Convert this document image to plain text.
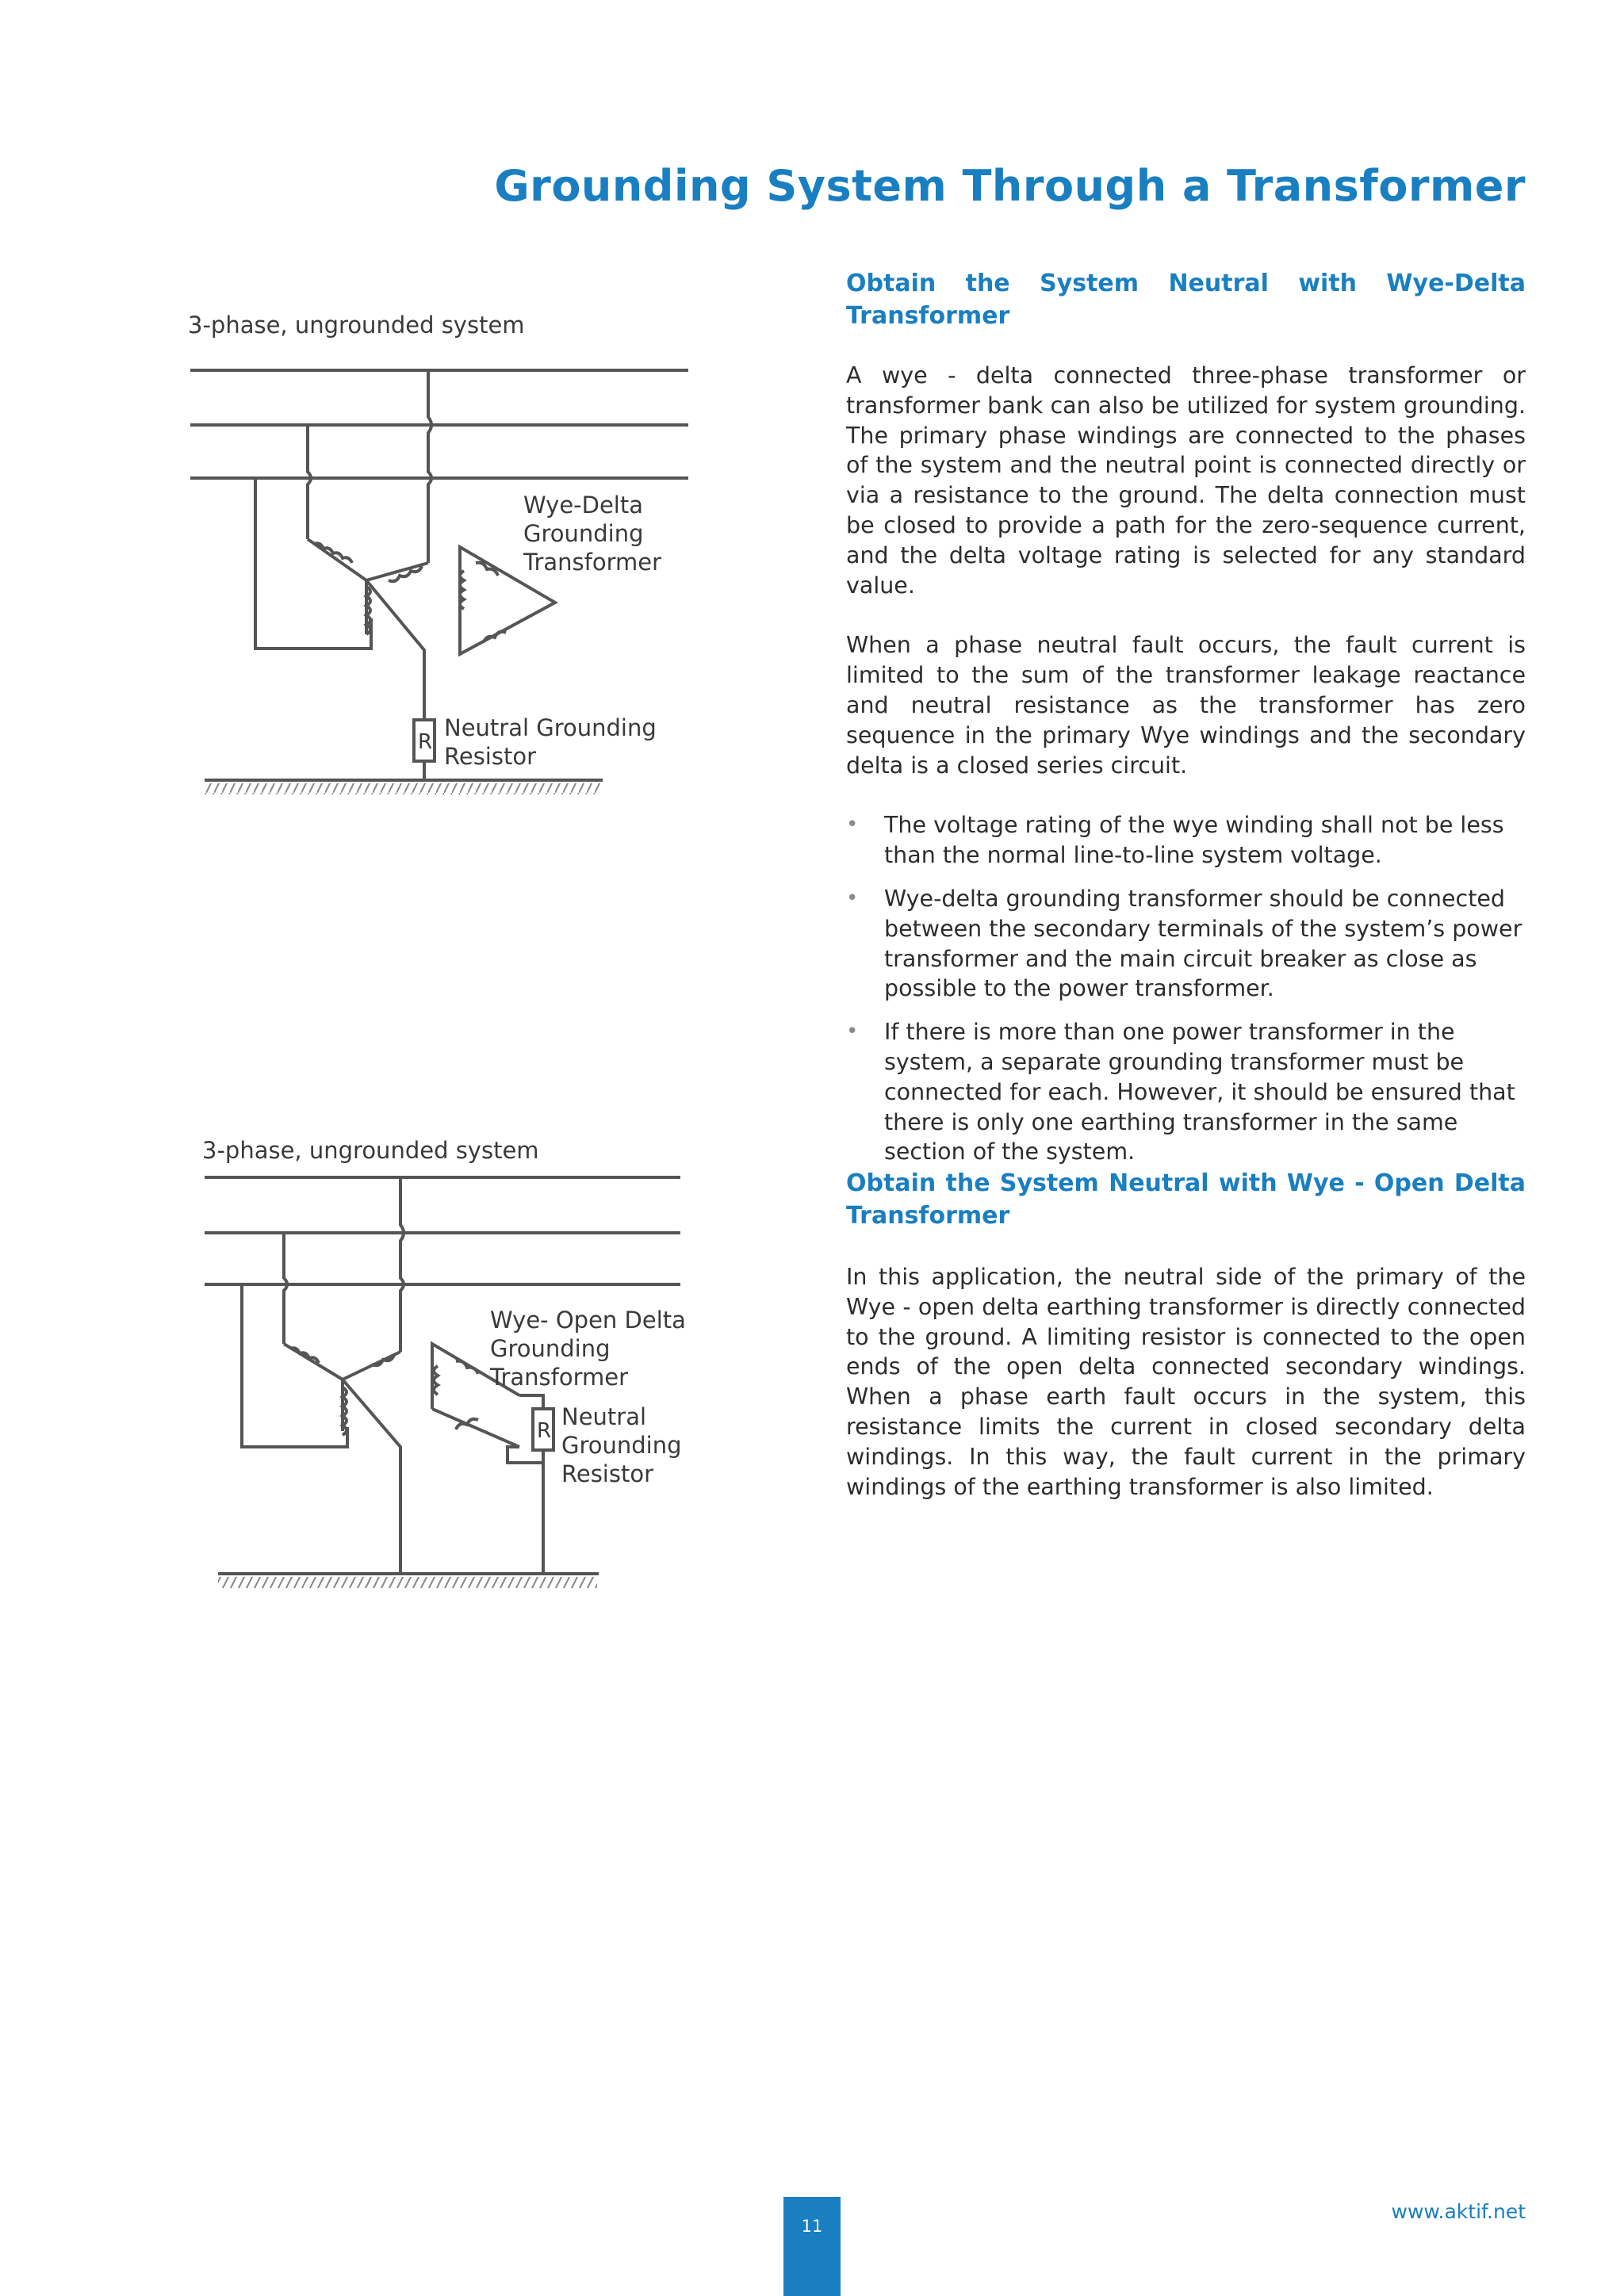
Grounding System Through a Transformer
Obtain the System Neutral with Wye-Delta Transformer

A wye - delta connected three-phase transformer or transformer bank can also be utilized for system grounding. The primary phase windings are connected to the phases of the system and the neutral point is connected directly or via a resistance to the ground. The delta connection must be closed to provide a path for the zero-sequence current, and the delta voltage rating is selected for any standard value.

When a phase neutral fault occurs, the fault current is limited to the sum of the transformer leakage reactance and neutral resistance as the transformer has zero sequence in the primary Wye windings and the secondary delta is a closed series circuit.

• The voltage rating of the wye winding shall not be less than the normal line-to-line system voltage.
• Wye-delta grounding transformer should be connected between the secondary terminals of the system’s power transformer and the main circuit breaker as close as possible to the power transformer.
• If there is more than one power transformer in the system, a separate grounding transformer must be connected for each. However, it should be ensured that there is only one earthing transformer in the same section of the system.
Obtain the System Neutral with Wye - Open Delta Transformer

In this application, the neutral side of the primary of the Wye - open delta earthing transformer is directly connected to the ground. A limiting resistor is connected to the open ends of the open delta connected secondary windings. When a phase earth fault occurs in the system, this resistance limits the current in closed secondary delta windings. In this way, the fault current in the primary windings of the earthing transformer is also limited.

3-phase, ungrounded system
R
Wye-Delta Grounding Transformer
Neutral Grounding Resistor
3-phase, ungrounded system
R
Wye- Open Delta Grounding Transformer
Neutral Grounding Resistor
11
www.aktif.net
